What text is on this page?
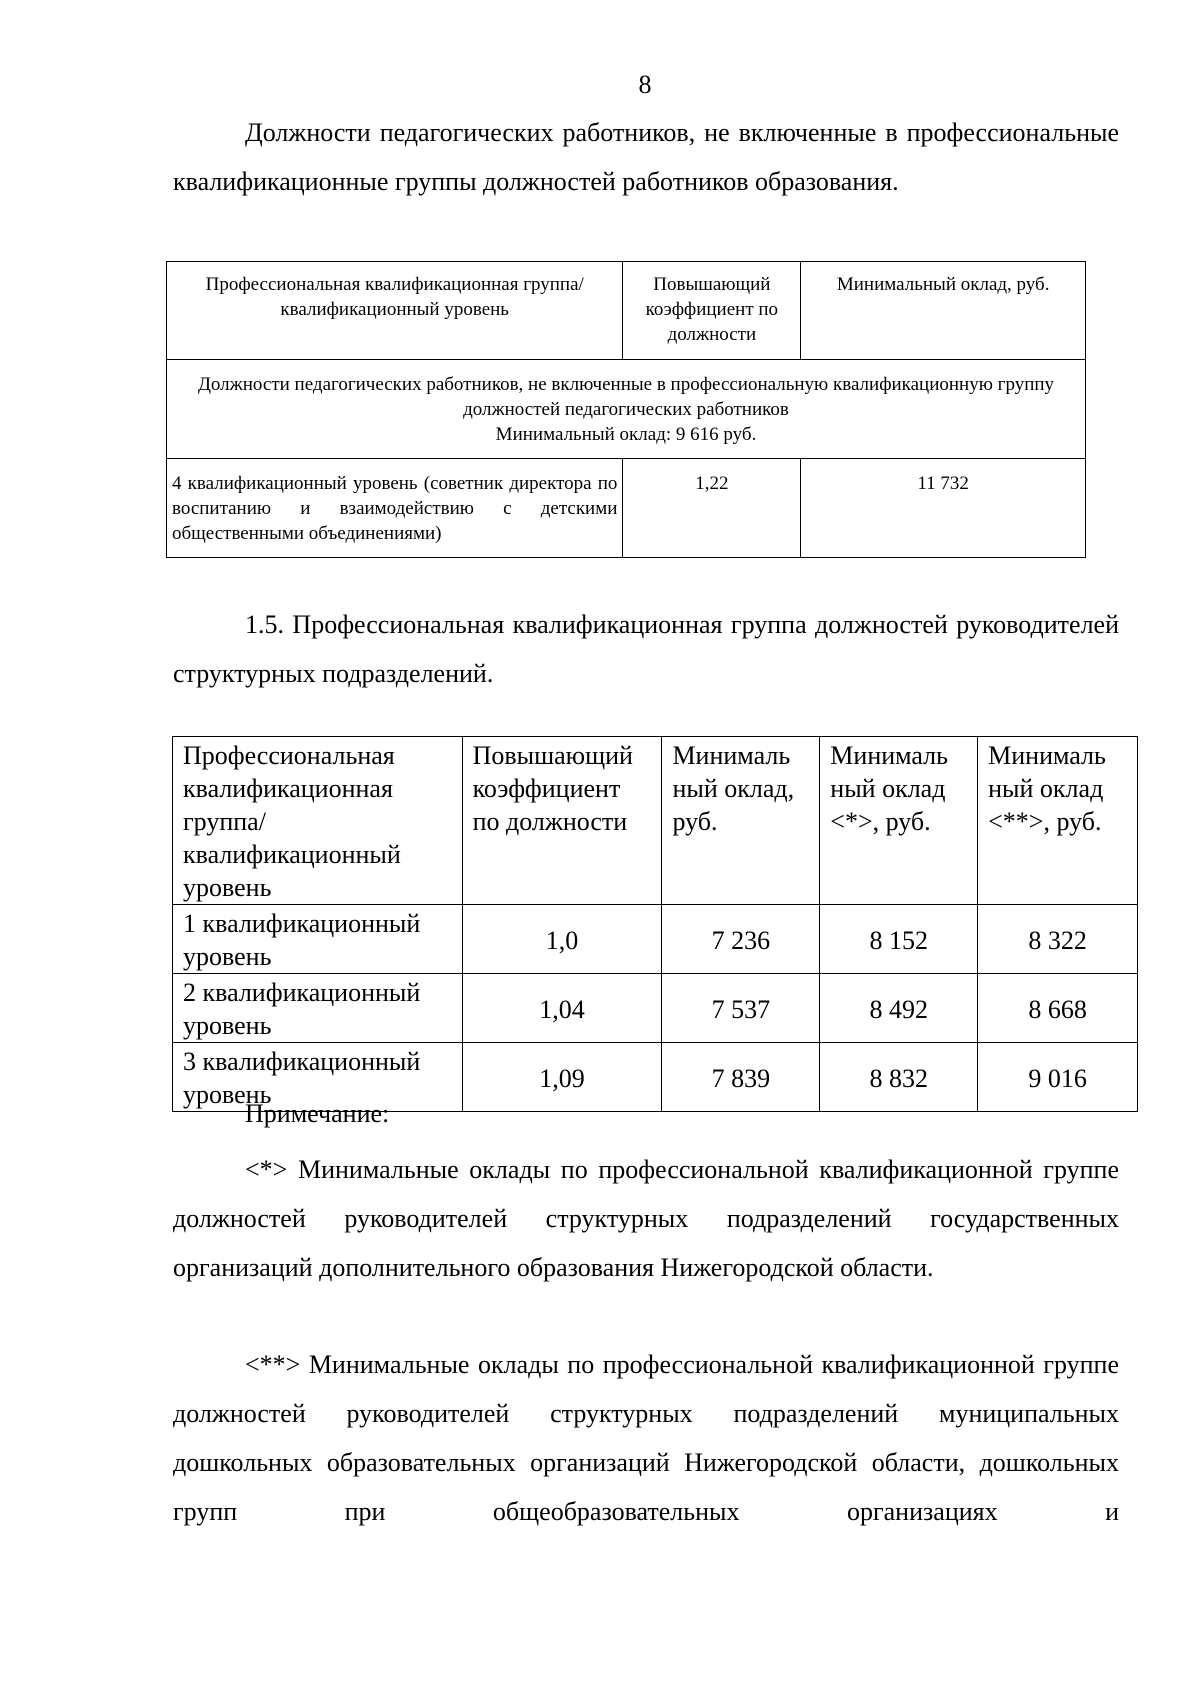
8

Должности педагогических работников, не включенные в профессиональные квалификационные группы должностей работников образования.

Профессиональная квалификационная группа/квалификационный уровень	Повышающий коэффициент по должности	Минимальный оклад, руб.

Должности педагогических работников, не включенные в профессиональную квалификационную группу должностей педагогических работников
Минимальный оклад: 9 616 руб.		

4 квалификационный уровень (советник директора по воспитанию и взаимодействию с детскими общественными объединениями)	1,22	11 732

1.5. Профессиональная квалификационная группа должностей руководителей структурных подразделений.

Профессиональная квалификационная группа/ квалификационный уровень	Повышающий коэффициент по должности	Минималь ный оклад, руб.	Минималь ный оклад <*>, руб.	Минималь ный оклад <**>, руб.
1 квалификационный уровень	1,0	7 236	8 152	8 322
2 квалификационный уровень	1,04	7 537	8 492	8 668
3 квалификационный уровень	1,09	7 839	8 832	9 016
Примечание:

<*> Минимальные оклады по профессиональной квалификационной группе должностей руководителей структурных подразделений государственных организаций дополнительного образования Нижегородской области.

<**> Минимальные оклады по профессиональной квалификационной группе должностей руководителей структурных подразделений муниципальных дошкольных образовательных организаций Нижегородской области, дошкольных групп при общеобразовательных организациях и
